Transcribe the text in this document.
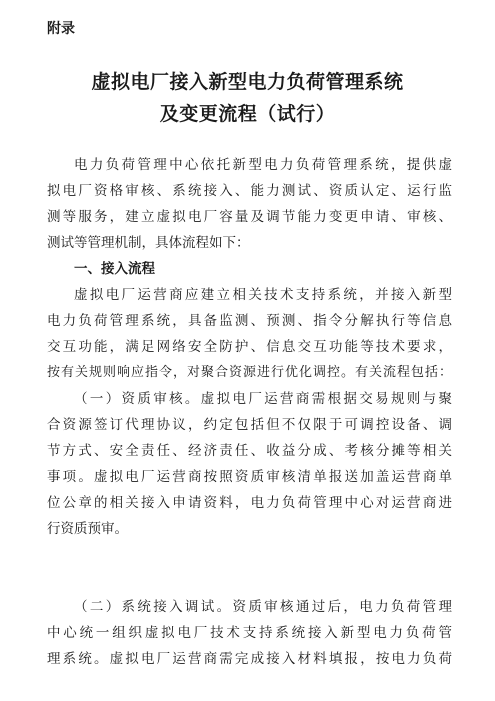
附录
虚拟电厂接入新型电力负荷管理系统
及变更流程（试行）
电力负荷管理中心依托新型电力负荷管理系统，提供虚
拟电厂资格审核、系统接入、能力测试、资质认定、运行监
测等服务，建立虚拟电厂容量及调节能力变更申请、审核、
测试等管理机制，具体流程如下：
一、接入流程
虚拟电厂运营商应建立相关技术支持系统，并接入新型
电力负荷管理系统，具备监测、预测、指令分解执行等信息
交互功能，满足网络安全防护、信息交互功能等技术要求，
按有关规则响应指令，对聚合资源进行优化调控。有关流程包括：
（一）资质审核。虚拟电厂运营商需根据交易规则与聚
合资源签订代理协议，约定包括但不仅限于可调控设备、调
节方式、安全责任、经济责任、收益分成、考核分摊等相关
事项。虚拟电厂运营商按照资质审核清单报送加盖运营商单
位公章的相关接入申请资料，电力负荷管理中心对运营商进
行资质预审。
（二）系统接入调试。资质审核通过后，电力负荷管理
中心统一组织虚拟电厂技术支持系统接入新型电力负荷管
理系统。虚拟电厂运营商需完成接入材料填报，按电力负荷
